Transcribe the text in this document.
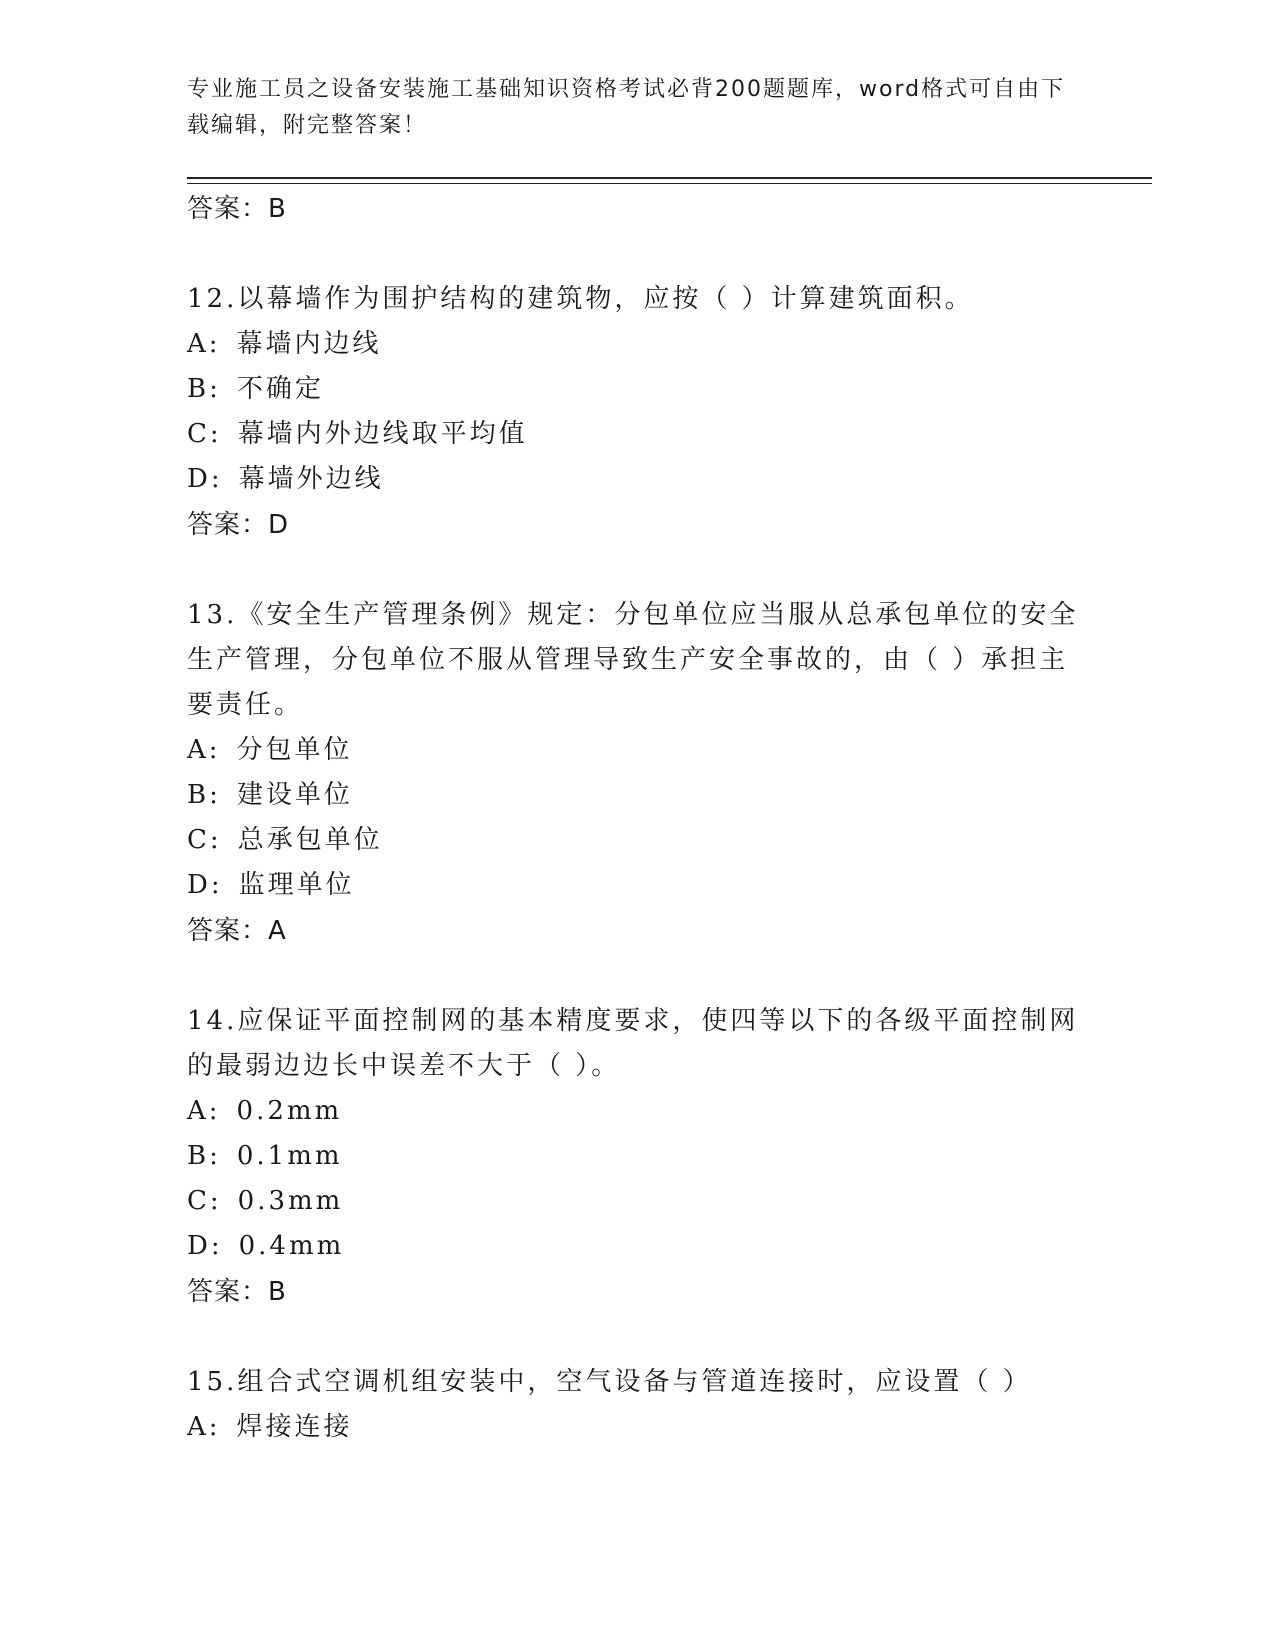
专业施工员之设备安装施工基础知识资格考试必背200题题库，word格式可自由下载编辑，附完整答案！
答案：B

12.以幕墙作为围护结构的建筑物，应按（ ）计算建筑面积。

A: 幕墙内边线
B: 不确定
C: 幕墙内外边线取平均值
D: 幕墙外边线
答案：D

13.《安全生产管理条例》规定：分包单位应当服从总承包单位的安全生产管理，分包单位不服从管理导致生产安全事故的，由（ ）承担主要责任。

A: 分包单位
B: 建设单位
C: 总承包单位
D: 监理单位
答案：A

14.应保证平面控制网的基本精度要求，使四等以下的各级平面控制网的最弱边边长中误差不大于（ ）。

A: 0.2mm
B: 0.1mm
C: 0.3mm
D: 0.4mm
答案：B

15.组合式空调机组安装中，空气设备与管道连接时，应设置（ ）

A: 焊接连接
